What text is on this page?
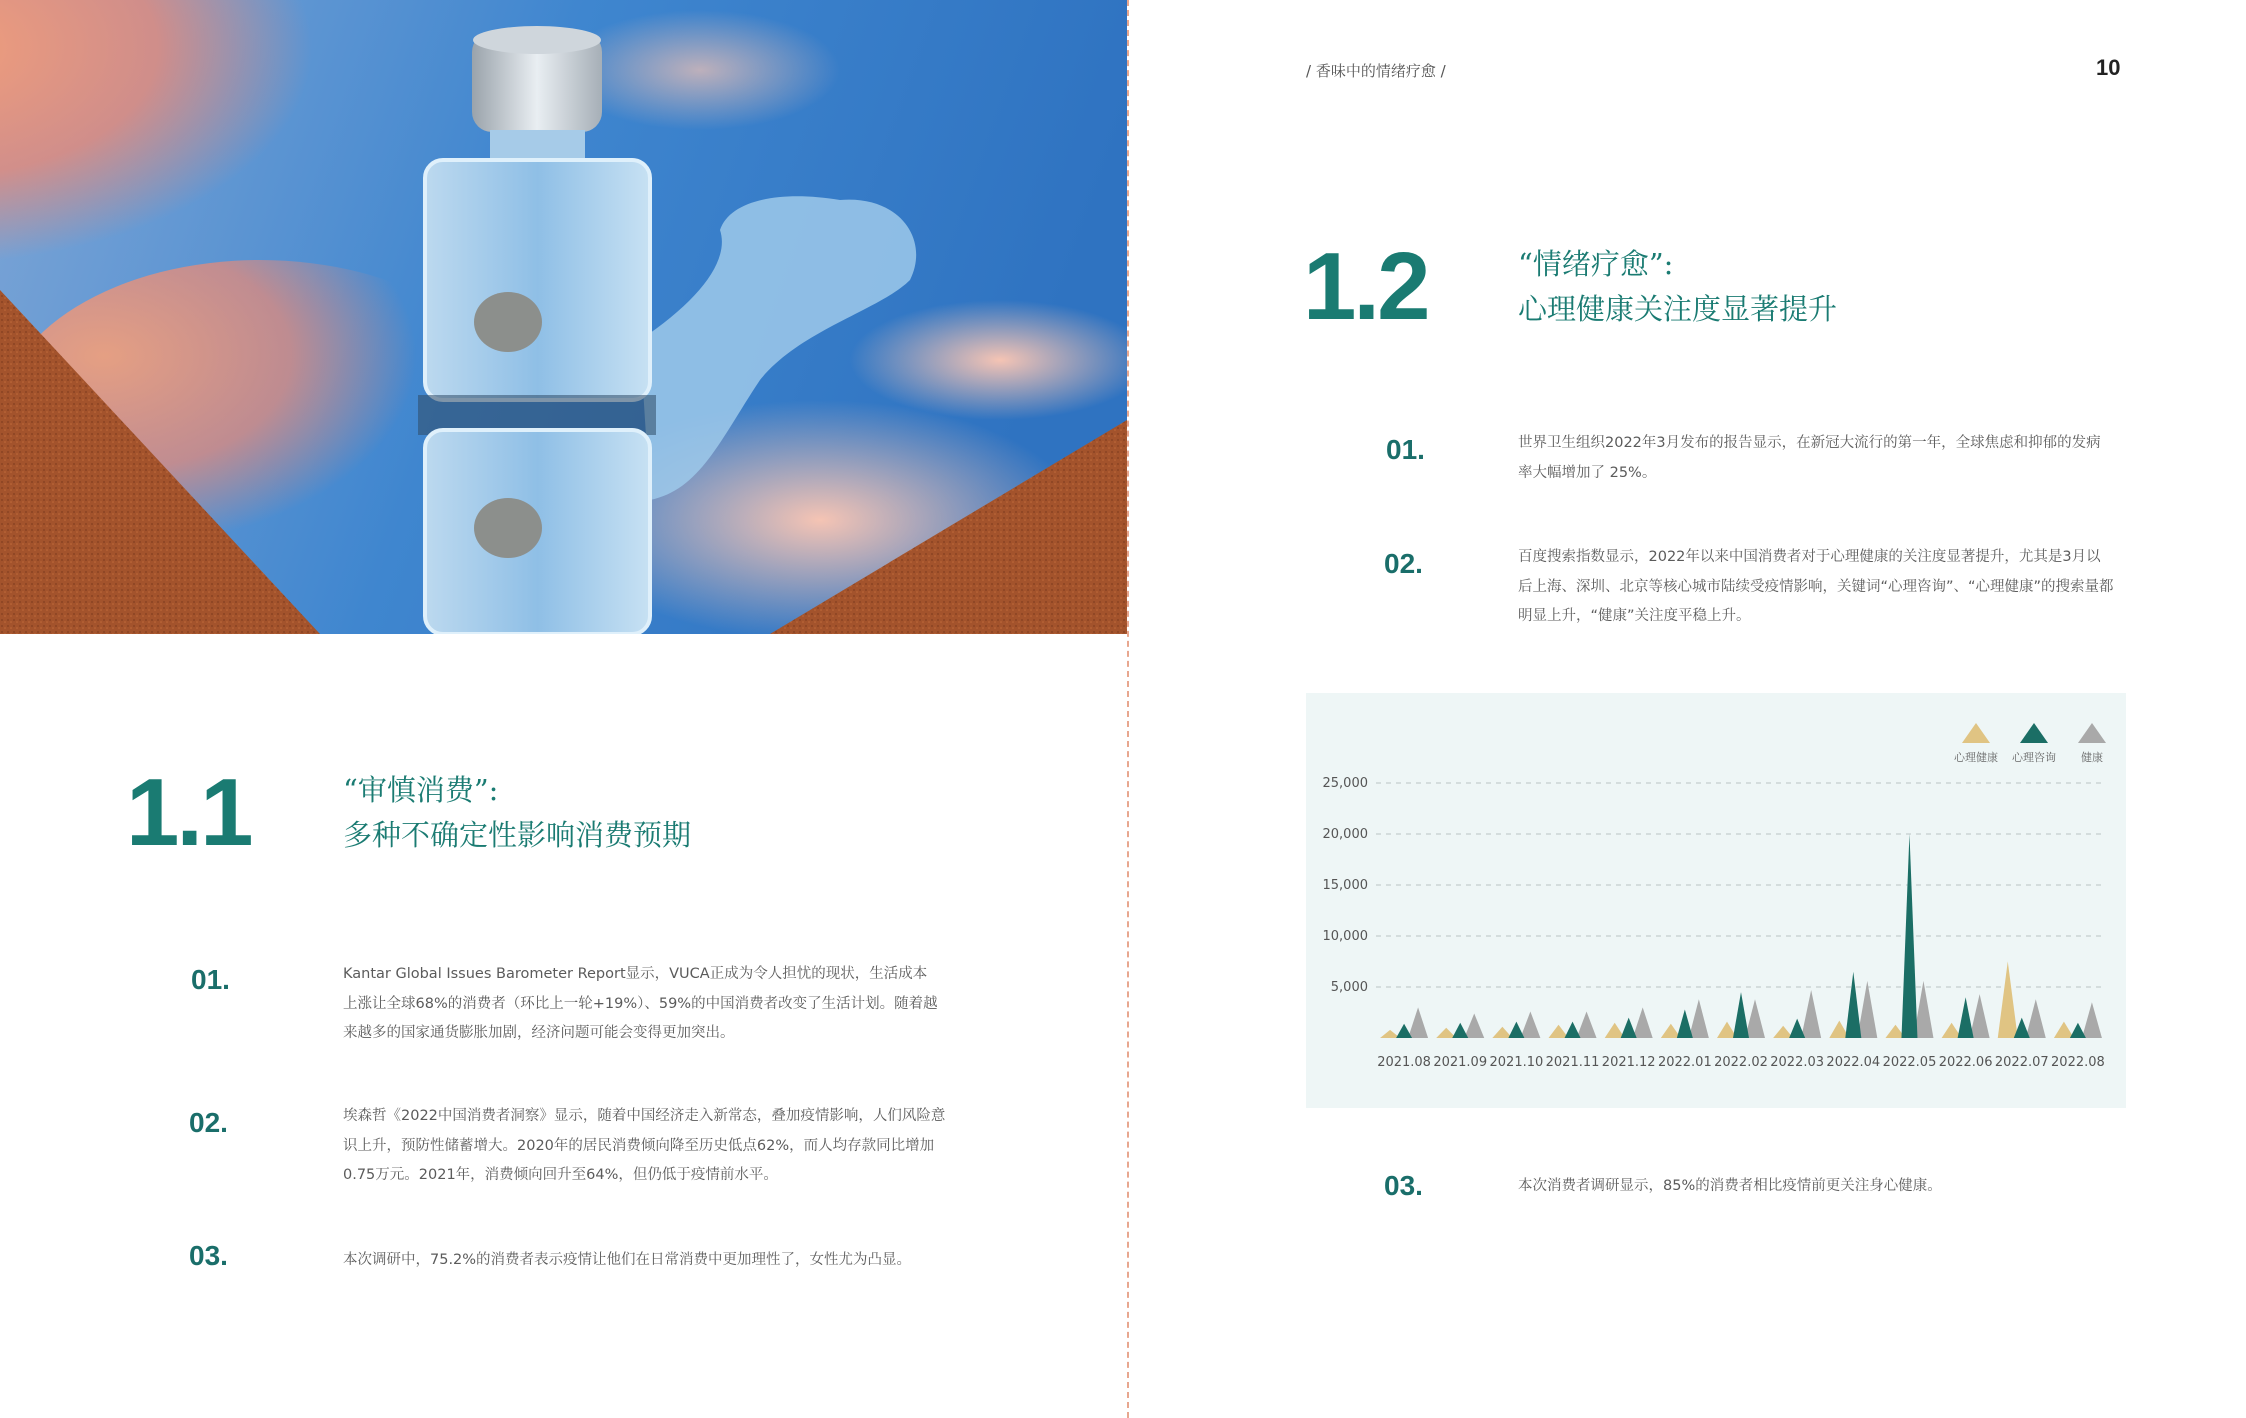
1.1	“审慎消费”:
多种不确定性影响消费预期
01.	Kantar Global Issues Barometer Report显示，VUCA正成为令人担忧的现状，生活成本
上涨让全球68%的消费者（环比上一轮+19%）、59%的中国消费者改变了生活计划。随着越
来越多的国家通货膨胀加剧，经济问题可能会变得更加突出。
02.	埃森哲《2022中国消费者洞察》显示，随着中国经济走入新常态，叠加疫情影响，人们风险意
识上升，预防性储蓄增大。2020年的居民消费倾向降至历史低点62%，而人均存款同比增加
0.75万元。2021年，消费倾向回升至64%，但仍低于疫情前水平。
03.	本次调研中，75.2%的消费者表示疫情让他们在日常消费中更加理性了，女性尤为凸显。
/ 香味中的情绪疗愈 /	10
1.2	“情绪疗愈”:
心理健康关注度显著提升
01.	世界卫生组织2022年3月发布的报告显示，在新冠大流行的第一年，全球焦虑和抑郁的发病
率大幅增加了 25%。
02.	百度搜索指数显示，2022年以来中国消费者对于心理健康的关注度显著提升，尤其是3月以
后上海、深圳、北京等核心城市陆续受疫情影响，关键词“心理咨询”、“心理健康”的搜索量都
明显上升，“健康”关注度平稳上升。
25,000
20,000
15,000
10,000
5,000
2021.08 2021.09 2021.10 2021.11 2021.12 2022.01 2022.02 2022.03 2022.04 2022.05 2022.06 2022.07 2022.08
心理健康 心理咨询 健康
03.	本次消费者调研显示，85%的消费者相比疫情前更关注身心健康。
